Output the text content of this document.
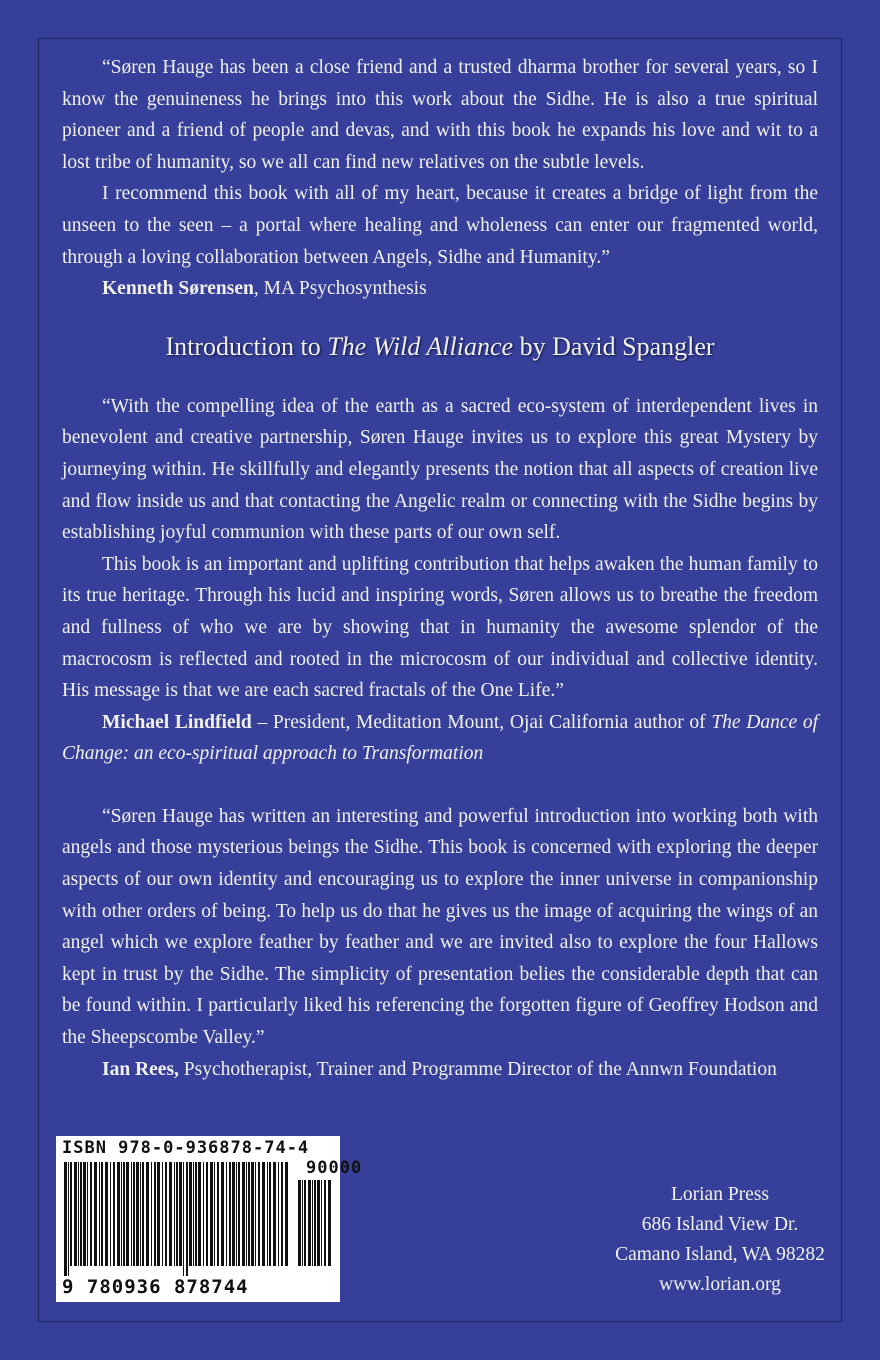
“Søren Hauge has been a close friend and a trusted dharma brother for several years, so I know the genuineness he brings into this work about the Sidhe. He is also a true spiritual pioneer and a friend of people and devas, and with this book he expands his love and wit to a lost tribe of humanity, so we all can find new relatives on the subtle levels.

I recommend this book with all of my heart, because it creates a bridge of light from the unseen to the seen – a portal where healing and wholeness can enter our fragmented world, through a loving collaboration between Angels, Sidhe and Humanity.”

Kenneth Sørensen, MA Psychosynthesis

Introduction to The Wild Alliance by David Spangler

“With the compelling idea of the earth as a sacred eco-system of interdependent lives in benevolent and creative partnership, Søren Hauge invites us to explore this great Mystery by journeying within. He skillfully and elegantly presents the notion that all aspects of creation live and flow inside us and that contacting the Angelic realm or connecting with the Sidhe begins by establishing joyful communion with these parts of our own self.

This book is an important and uplifting contribution that helps awaken the human family to its true heritage. Through his lucid and inspiring words, Søren allows us to breathe the freedom and fullness of who we are by showing that in humanity the awesome splendor of the macrocosm is reflected and rooted in the microcosm of our individual and collective identity. His message is that we are each sacred fractals of the One Life.”

Michael Lindfield – President, Meditation Mount, Ojai California author of The Dance of Change: an eco-spiritual approach to Transformation

“Søren Hauge has written an interesting and powerful introduction into working both with angels and those mysterious beings the Sidhe. This book is concerned with exploring the deeper aspects of our own identity and encouraging us to explore the inner universe in companionship with other orders of being. To help us do that he gives us the image of acquiring the wings of an angel which we explore feather by feather and we are invited also to explore the four Hallows kept in trust by the Sidhe. The simplicity of presentation belies the considerable depth that can be found within. I particularly liked his referencing the forgotten figure of Geoffrey Hodson and the Sheepscombe Valley.”

Ian Rees, Psychotherapist, Trainer and Programme Director of the Annwn Foundation

ISBN 978-0-936878-74-4
90000
9 780936 878744
Lorian Press
686 Island View Dr.
Camano Island, WA 98282
www.lorian.org
